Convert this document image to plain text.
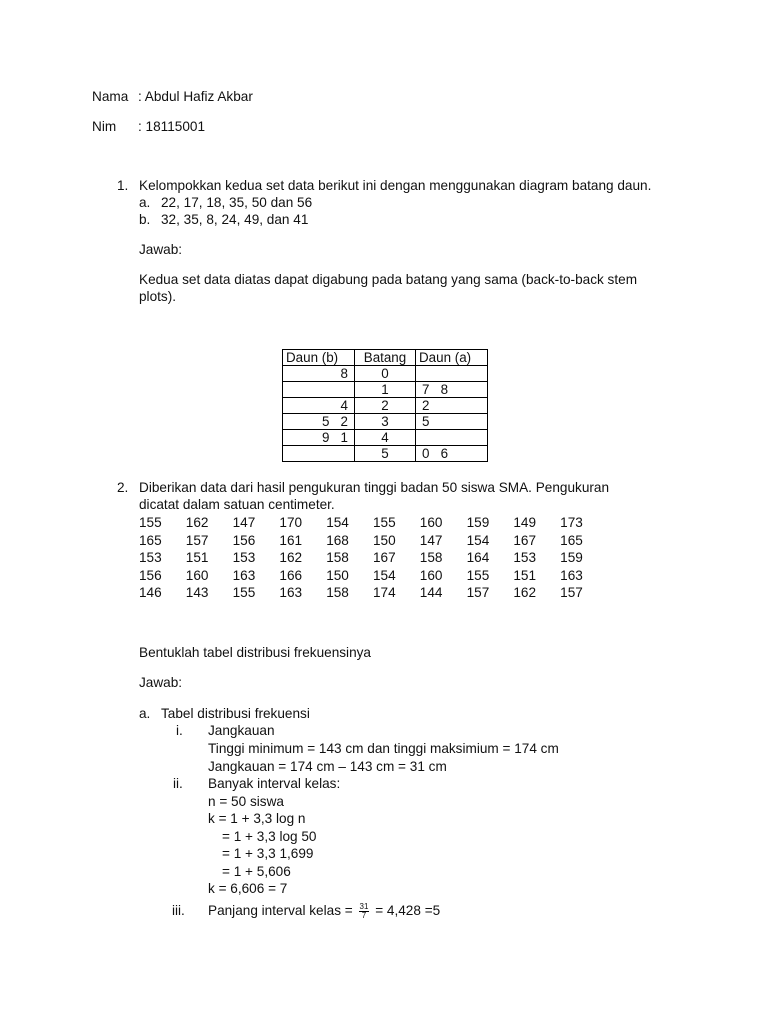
Nama : Abdul Hafiz Akbar
Nim : 18115001
1. Kelompokkan kedua set data berikut ini dengan menggunakan diagram batang daun.
a. 22, 17, 18, 35, 50 dan 56
b. 32, 35, 8, 24, 49, dan 41
Jawab:
Kedua set data diatas dapat digabung pada batang yang sama (back-to-back stem
plots).
Daun (b)	Batang	Daun (a)
8	0	
	1	7   8
4	2	2
5   2	3	5
9   1	4	
	5	0   6
2. Diberikan data dari hasil pengukuran tinggi badan 50 siswa SMA. Pengukuran
dicatat dalam satuan centimeter.
155	162	147	170	154	155	160	159	149	173
165	157	156	161	168	150	147	154	167	165
153	151	153	162	158	167	158	164	153	159
156	160	163	166	150	154	160	155	151	163
146	143	155	163	158	174	144	157	162	157
Bentuklah tabel distribusi frekuensinya
Jawab:
a. Tabel distribusi frekuensi
i. Jangkauan
Tinggi minimum = 143 cm dan tinggi maksimium = 174 cm
Jangkauan = 174 cm – 143 cm = 31 cm
ii. Banyak interval kelas:
n = 50 siswa
k = 1 + 3,3 log n
= 1 + 3,3 log 50
= 1 + 3,3 1,699
= 1 + 5,606
k = 6,606 = 7
iii. Panjang interval kelas = $\frac{31}{7} = 4,428 =5$
